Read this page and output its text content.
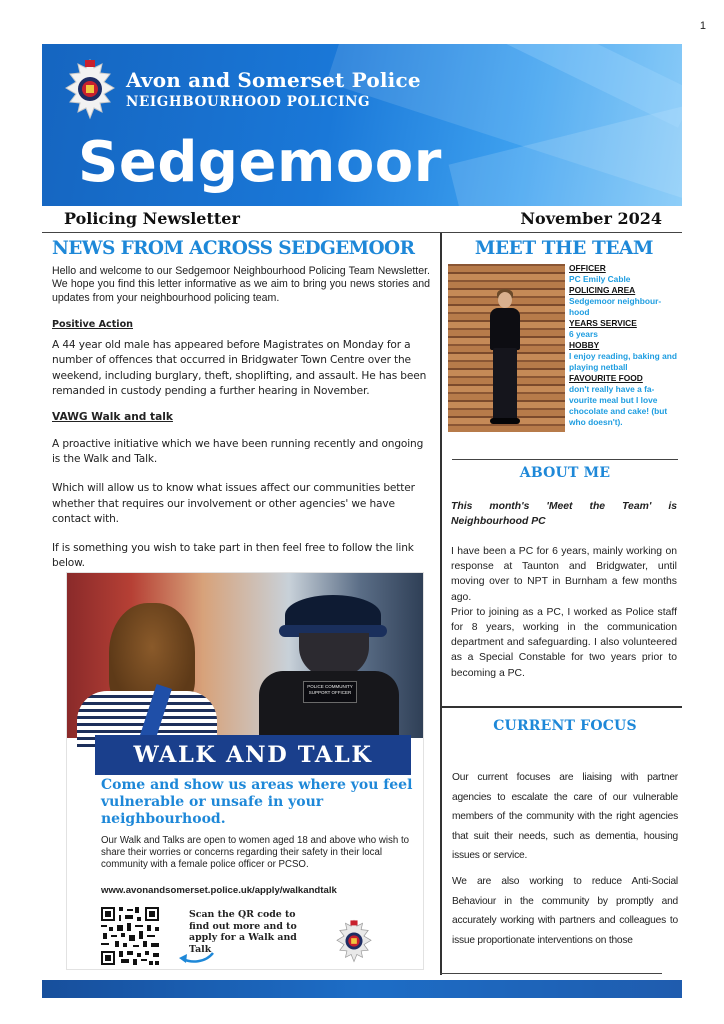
1
Avon and Somerset Police
NEIGHBOURHOOD POLICING
Sedgemoor
Policing Newsletter	November 2024
NEWS FROM ACROSS SEDGEMOOR

Hello and welcome to our Sedgemoor Neighbourhood Policing Team Newsletter. We hope you find this letter informative as we aim to bring you news stories and updates from your neighbourhood policing team.

Positive Action

A 44 year old male has appeared before Magistrates on Monday for a number of offences that occurred in Bridgwater Town Centre over the weekend, including burglary, theft, shoplifting, and assault. He has been remanded in custody pending a further hearing in November.

VAWG Walk and talk

A proactive initiative which we have been running recently and ongoing is the Walk and Talk.

Which will allow us to know what issues affect our communities better whether that requires our involvement or other agencies' we have contact with.

If is something you wish to take part in then feel free to follow the link below.

POLICE COMMUNITY SUPPORT OFFICER
WALK AND TALK
Come and show us areas where you feel vulnerable or unsafe in your neighbourhood.
Our Walk and Talks are open to women aged 18 and above who wish to share their worries or concerns regarding their safety in their local community with a female police officer or PCSO.
www.avonandsomerset.police.uk/apply/walkandtalk
Scan the QR code to find out more and to apply for a Walk and Talk
MEET THE TEAM
OFFICER
PC Emily Cable
POLICING AREA
Sedgemoor neighbour-hood
YEARS SERVICE
6 years
HOBBY
I enjoy reading, baking and playing netball
FAVOURITE FOOD
don't really have a fa-vourite meal but I love chocolate and cake! (but who doesn't).
ABOUT ME
This month's 'Meet the Team' is Neighbourhood PC

I have been a PC for 6 years, mainly working on response at Taunton and Bridgwater, until moving over to NPT in Burnham a few months ago.

Prior to joining as a PC, I worked as Police staff for 8 years, working in the communication department and safeguarding. I also volunteered as a Special Constable for two years prior to becoming a PC.

CURRENT FOCUS

Our current focuses are liaising with partner agencies to escalate the care of our vulnerable members of the community with the right agencies that suit their needs, such as dementia, housing issues or service.

We are also working to reduce Anti-Social Behaviour in the community by promptly and accurately working with partners and colleagues to issue proportionate interventions on those
